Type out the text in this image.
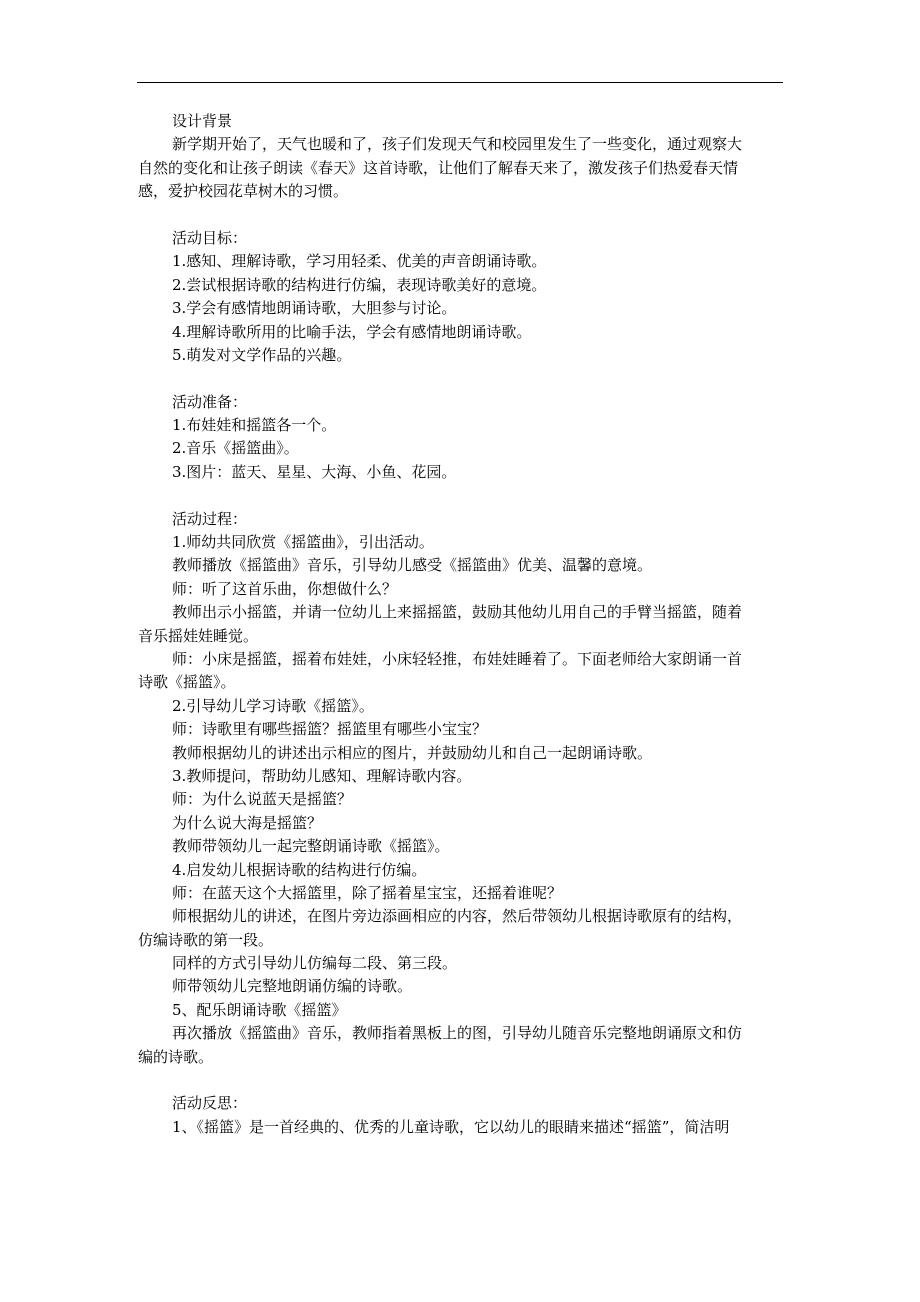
设计背景
新学期开始了，天气也暖和了，孩子们发现天气和校园里发生了一些变化，通过观察大
自然的变化和让孩子朗读《春天》这首诗歌，让他们了解春天来了，激发孩子们热爱春天情
感，爱护校园花草树木的习惯。
活动目标：
1.感知、理解诗歌，学习用轻柔、优美的声音朗诵诗歌。
2.尝试根据诗歌的结构进行仿编，表现诗歌美好的意境。
3.学会有感情地朗诵诗歌，大胆参与讨论。
4.理解诗歌所用的比喻手法，学会有感情地朗诵诗歌。
5.萌发对文学作品的兴趣。
活动准备：
1.布娃娃和摇篮各一个。
2.音乐《摇篮曲》。
3.图片：蓝天、星星、大海、小鱼、花园。
活动过程：
1.师幼共同欣赏《摇篮曲》，引出活动。
教师播放《摇篮曲》音乐，引导幼儿感受《摇篮曲》优美、温馨的意境。
师：听了这首乐曲，你想做什么？
教师出示小摇篮，并请一位幼儿上来摇摇篮，鼓励其他幼儿用自己的手臂当摇篮，随着
音乐摇娃娃睡觉。
师：小床是摇篮，摇着布娃娃，小床轻轻推，布娃娃睡着了。下面老师给大家朗诵一首
诗歌《摇篮》。
2.引导幼儿学习诗歌《摇篮》。
师：诗歌里有哪些摇篮？摇篮里有哪些小宝宝？
教师根据幼儿的讲述出示相应的图片，并鼓励幼儿和自己一起朗诵诗歌。
3.教师提问，帮助幼儿感知、理解诗歌内容。
师：为什么说蓝天是摇篮？
为什么说大海是摇篮？
教师带领幼儿一起完整朗诵诗歌《摇篮》。
4.启发幼儿根据诗歌的结构进行仿编。
师：在蓝天这个大摇篮里，除了摇着星宝宝，还摇着谁呢？
师根据幼儿的讲述，在图片旁边添画相应的内容，然后带领幼儿根据诗歌原有的结构，
仿编诗歌的第一段。
同样的方式引导幼儿仿编每二段、第三段。
师带领幼儿完整地朗诵仿编的诗歌。
5、配乐朗诵诗歌《摇篮》
再次播放《摇篮曲》音乐，教师指着黑板上的图，引导幼儿随音乐完整地朗诵原文和仿
编的诗歌。
活动反思：
1、《摇篮》是一首经典的、优秀的儿童诗歌，它以幼儿的眼睛来描述“摇篮”，简洁明
